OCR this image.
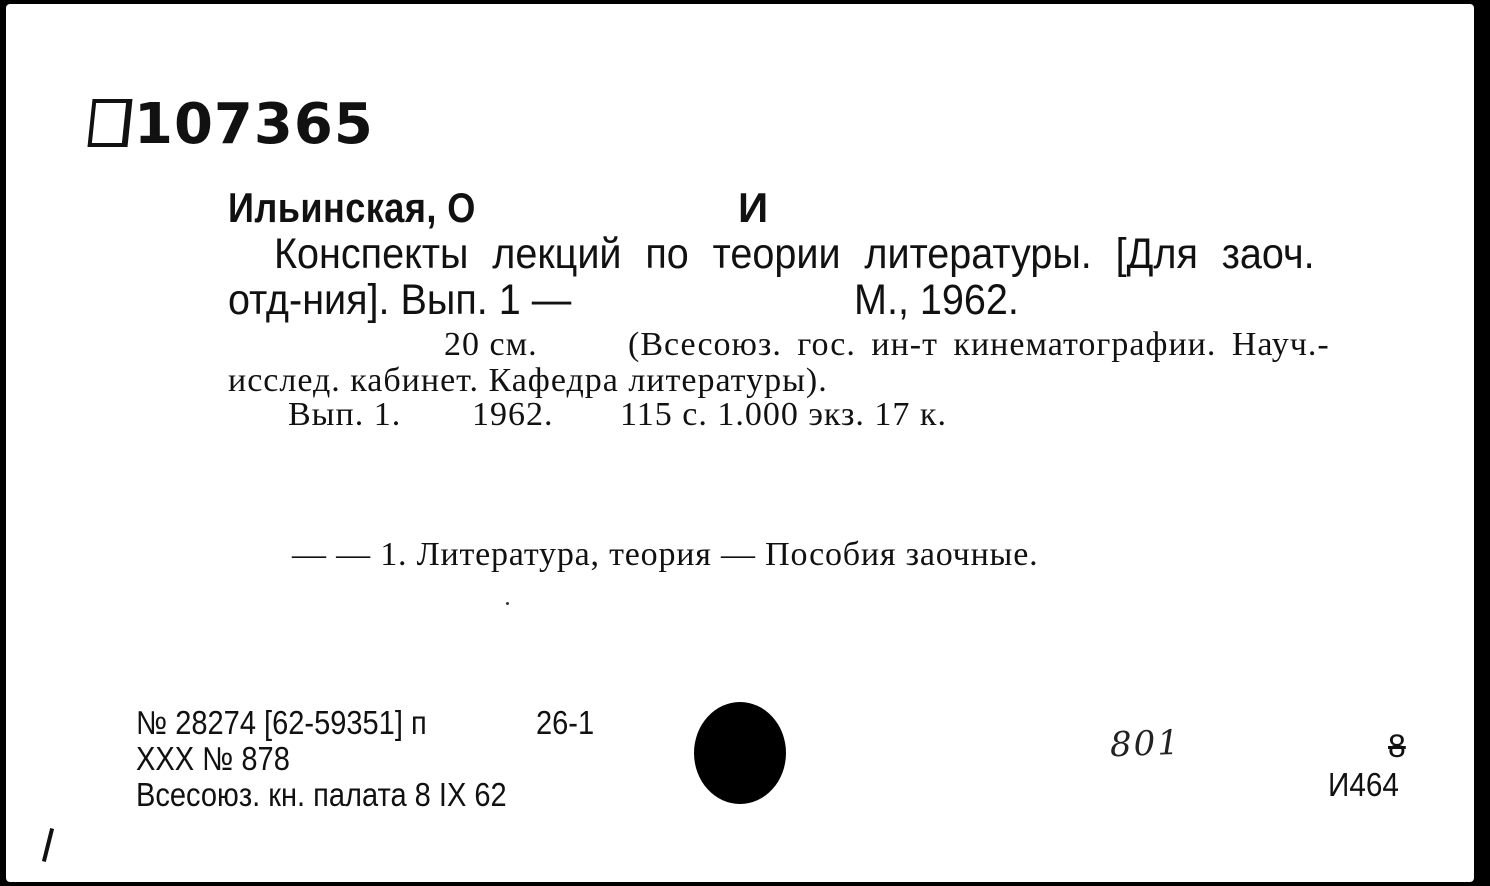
107365
Ильинская, О	И
Конспекты лекций по теории литературы. [Для заоч.
отд-ния]. Вып. 1 —	М., 1962.
20 см.	(Всесоюз. гос. ин-т кинематографии. Науч.-
исслед. кабинет. Кафедра литературы).
Вып. 1. 1962. 115 с. 1.000 экз. 17 к.
— — 1. Литература, теория — Пособия заочные.
№ 28274 [62-59351] п	26-1
XXX № 878
Всесоюз. кн. палата 8 IX 62
801	8
И464
